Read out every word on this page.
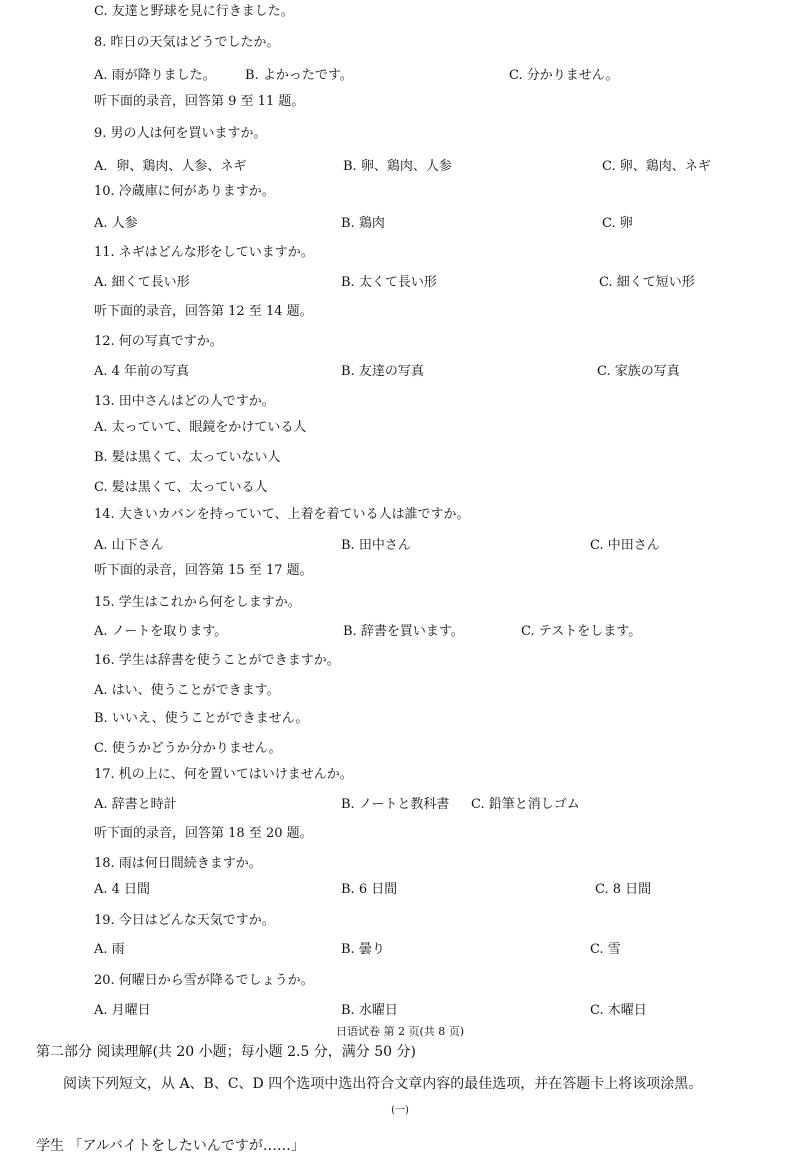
C. 友達と野球を見に行きました。
8. 昨日の天気はどうでしたか。
A. 雨が降りました。 B. よかったです。	C. 分かりません。
听下面的录音，回答第 9 至 11 题。
9. 男の人は何を買いますか。
A．卵、鶏肉、人参、ネギ	B. 卵、鶏肉、人参	C. 卵、鶏肉、ネギ
10. 冷蔵庫に何がありますか。
A. 人参	B. 鶏肉	C. 卵
11. ネギはどんな形をしていますか。
A. 細くて長い形	B. 太くて長い形	C. 細くて短い形
听下面的录音，回答第 12 至 14 题。
12. 何の写真ですか。
A. 4 年前の写真	B. 友達の写真	C. 家族の写真
13. 田中さんはどの人ですか。
A. 太っていて、眼鏡をかけている人
B. 髪は黒くて、太っていない人
C. 髪は黒くて、太っている人
14. 大きいカバンを持っていて、上着を着ている人は誰ですか。
A. 山下さん	B. 田中さん	C. 中田さん
听下面的录音，回答第 15 至 17 题。
15. 学生はこれから何をしますか。
A. ノートを取ります。	B. 辞書を買います。	C. テストをします。
16. 学生は辞書を使うことができますか。
A. はい、使うことができます。
B. いいえ、使うことができません。
C. 使うかどうか分かりません。
17. 机の上に、何を置いてはいけませんか。
A. 辞書と時計	B. ノートと教科書 C. 鉛筆と消しゴム
听下面的录音，回答第 18 至 20 题。
18. 雨は何日間続きますか。
A. 4 日間	B. 6 日間	C. 8 日間
19. 今日はどんな天気ですか。
A. 雨	B. 曇り	C. 雪
20. 何曜日から雪が降るでしょうか。
A. 月曜日	B. 水曜日	C. 木曜日
日语试卷 第 2 页(共 8 页)
第二部分 阅读理解(共 20 小题；每小题 2.5 分，满分 50 分)
阅读下列短文，从 A、B、C、D 四个选项中选出符合文章内容的最佳选项，并在答题卡上将该项涂黑。
(一)
学生 「アルバイトをしたいんですが……」
